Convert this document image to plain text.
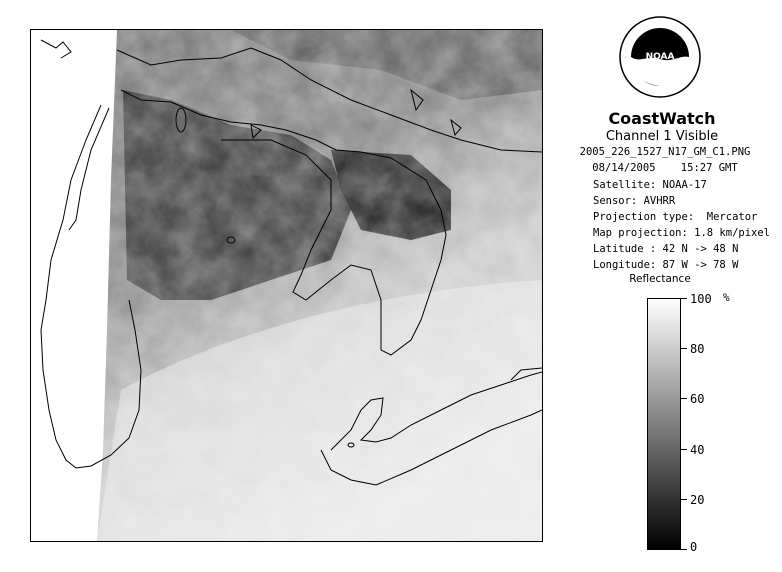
. NOAA
CoastWatch
Channel 1 Visible
2005_226_1527_N17_GM_C1.PNG
08/14/2005    15:27 GMT
Satellite: NOAA-17
Sensor: AVHRR
Projection type:  Mercator
Map projection: 1.8 km/pixel
Latitude : 42 N -> 48 N
Longitude: 87 W -> 78 W
Reflectance
%
100
80
60
40
20
0
